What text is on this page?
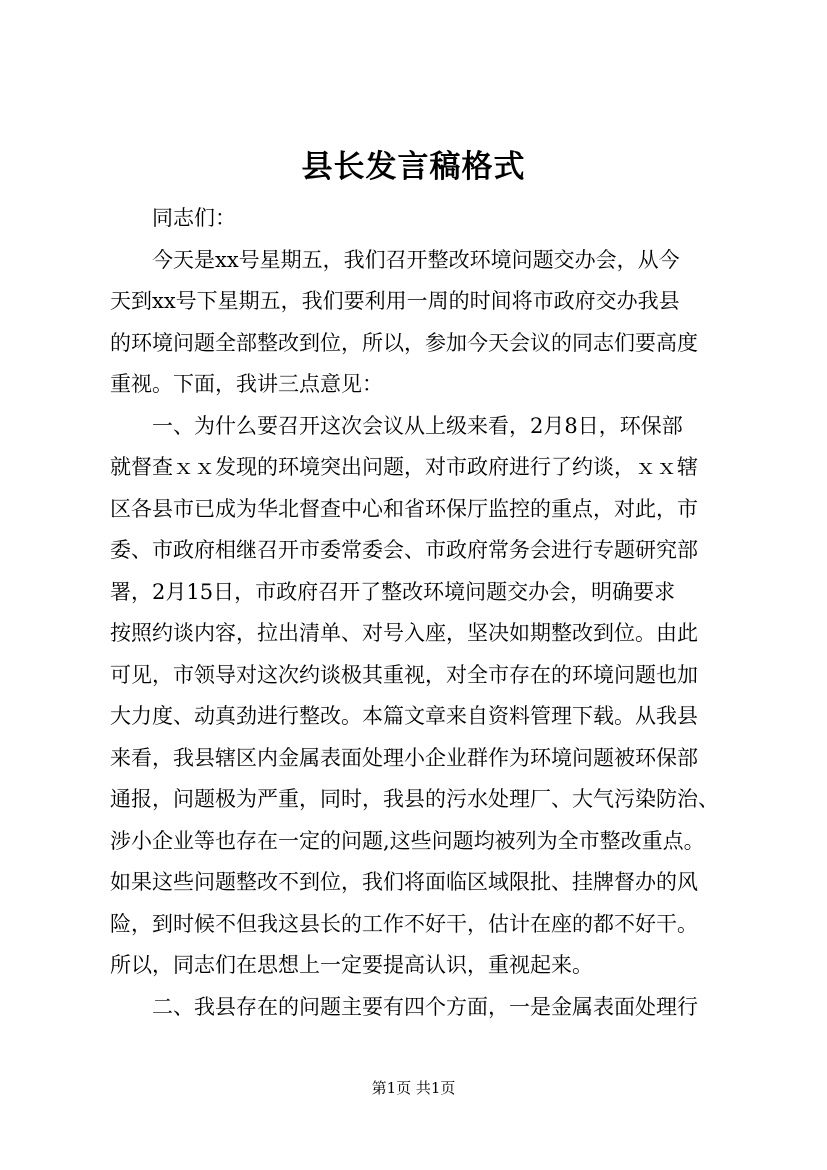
县长发言稿格式
同志们：
今天是xx号星期五，我们召开整改环境问题交办会，从今
天到xx号下星期五，我们要利用一周的时间将市政府交办我县
的环境问题全部整改到位，所以，参加今天会议的同志们要高度
重视。下面，我讲三点意见：
一、为什么要召开这次会议从上级来看，2月8日，环保部
就督查ｘｘ发现的环境突出问题，对市政府进行了约谈，ｘｘ辖
区各县市已成为华北督查中心和省环保厅监控的重点，对此，市
委、市政府相继召开市委常委会、市政府常务会进行专题研究部
署，2月15日，市政府召开了整改环境问题交办会，明确要求
按照约谈内容，拉出清单、对号入座，坚决如期整改到位。由此
可见，市领导对这次约谈极其重视，对全市存在的环境问题也加
大力度、动真劲进行整改。本篇文章来自资料管理下载。从我县
来看，我县辖区内金属表面处理小企业群作为环境问题被环保部
通报，问题极为严重，同时，我县的污水处理厂、大气污染防治、
涉小企业等也存在一定的问题,这些问题均被列为全市整改重点。
如果这些问题整改不到位，我们将面临区域限批、挂牌督办的风
险，到时候不但我这县长的工作不好干，估计在座的都不好干。
所以，同志们在思想上一定要提高认识，重视起来。
二、我县存在的问题主要有四个方面，一是金属表面处理行
第1页 共1页
